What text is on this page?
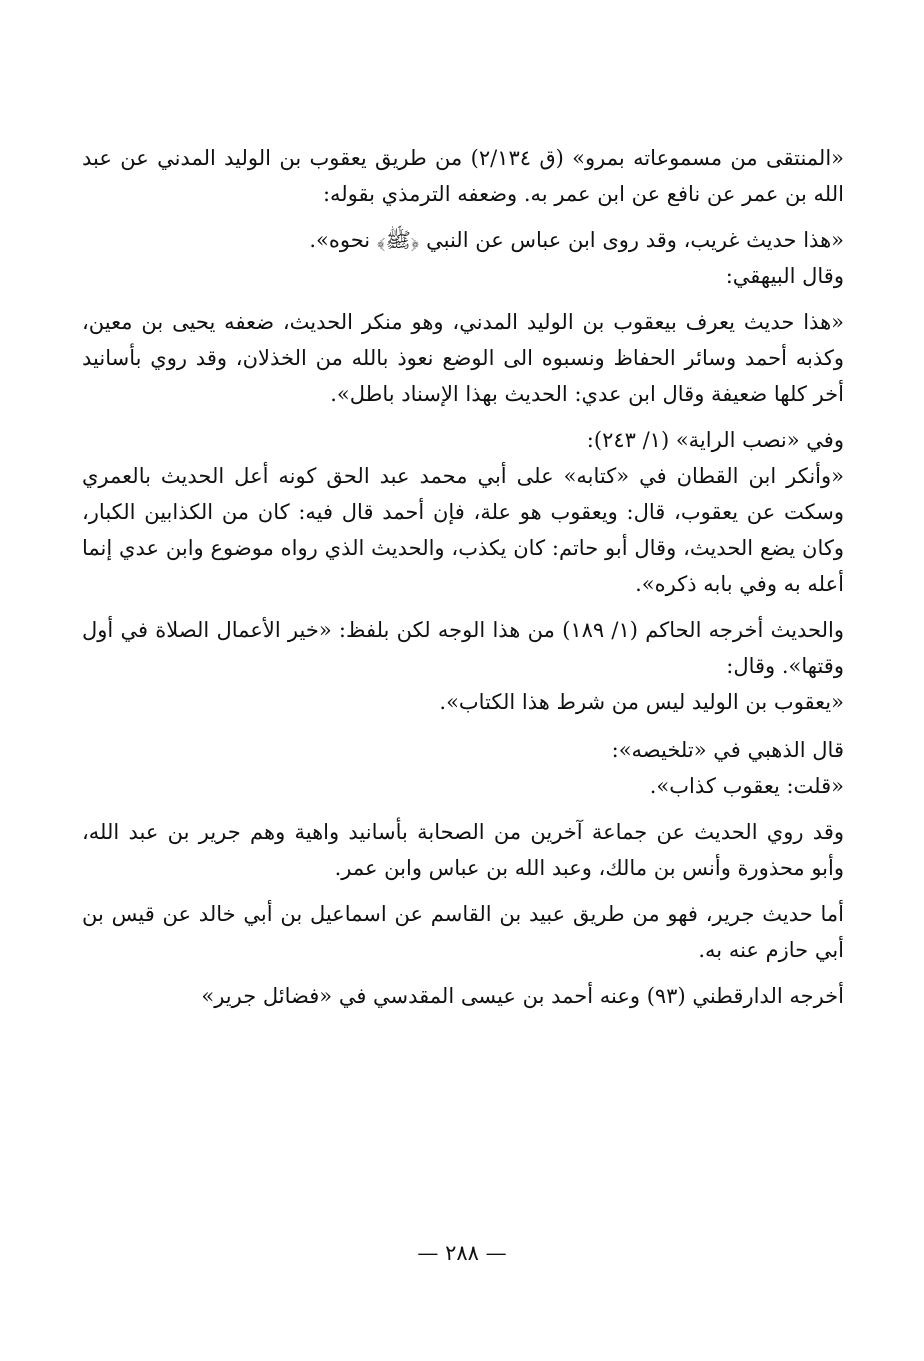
«المنتقى من مسموعاته بمرو» (ق ٢/١٣٤) من طريق يعقوب بن الوليد المدني عن عبد الله بن عمر عن نافع عن ابن عمر به. وضعفه الترمذي بقوله:

«هذا حديث غريب، وقد روى ابن عباس عن النبي ﴿ﷺ﴾ نحوه».

وقال البيهقي:

«هذا حديث يعرف بيعقوب بن الوليد المدني، وهو منكر الحديث، ضعفه يحيى بن معين، وكذبه أحمد وسائر الحفاظ ونسبوه الى الوضع نعوذ بالله من الخذلان، وقد روي بأسانيد أخر كلها ضعيفة وقال ابن عدي: الحديث بهذا الإسناد باطل».

وفي «نصب الراية» (١/ ٢٤٣):

«وأنكر ابن القطان في «كتابه» على أبي محمد عبد الحق كونه أعل الحديث بالعمري وسكت عن يعقوب، قال: ويعقوب هو علة، فإن أحمد قال فيه: كان من الكذابين الكبار، وكان يضع الحديث، وقال أبو حاتم: كان يكذب، والحديث الذي رواه موضوع وابن عدي إنما أعله به وفي بابه ذكره».

والحديث أخرجه الحاكم (١/ ١٨٩) من هذا الوجه لكن بلفظ: «خير الأعمال الصلاة في أول وقتها». وقال:

«يعقوب بن الوليد ليس من شرط هذا الكتاب».

قال الذهبي في «تلخيصه»:

«قلت: يعقوب كذاب».

وقد روي الحديث عن جماعة آخرين من الصحابة بأسانيد واهية وهم جرير بن عبد الله، وأبو محذورة وأنس بن مالك، وعبد الله بن عباس وابن عمر.

أما حديث جرير، فهو من طريق عبيد بن القاسم عن اسماعيل بن أبي خالد عن قيس بن أبي حازم عنه به.

أخرجه الدارقطني (٩٣) وعنه أحمد بن عيسى المقدسي في «فضائل جرير»

— ٢٨٨ —
